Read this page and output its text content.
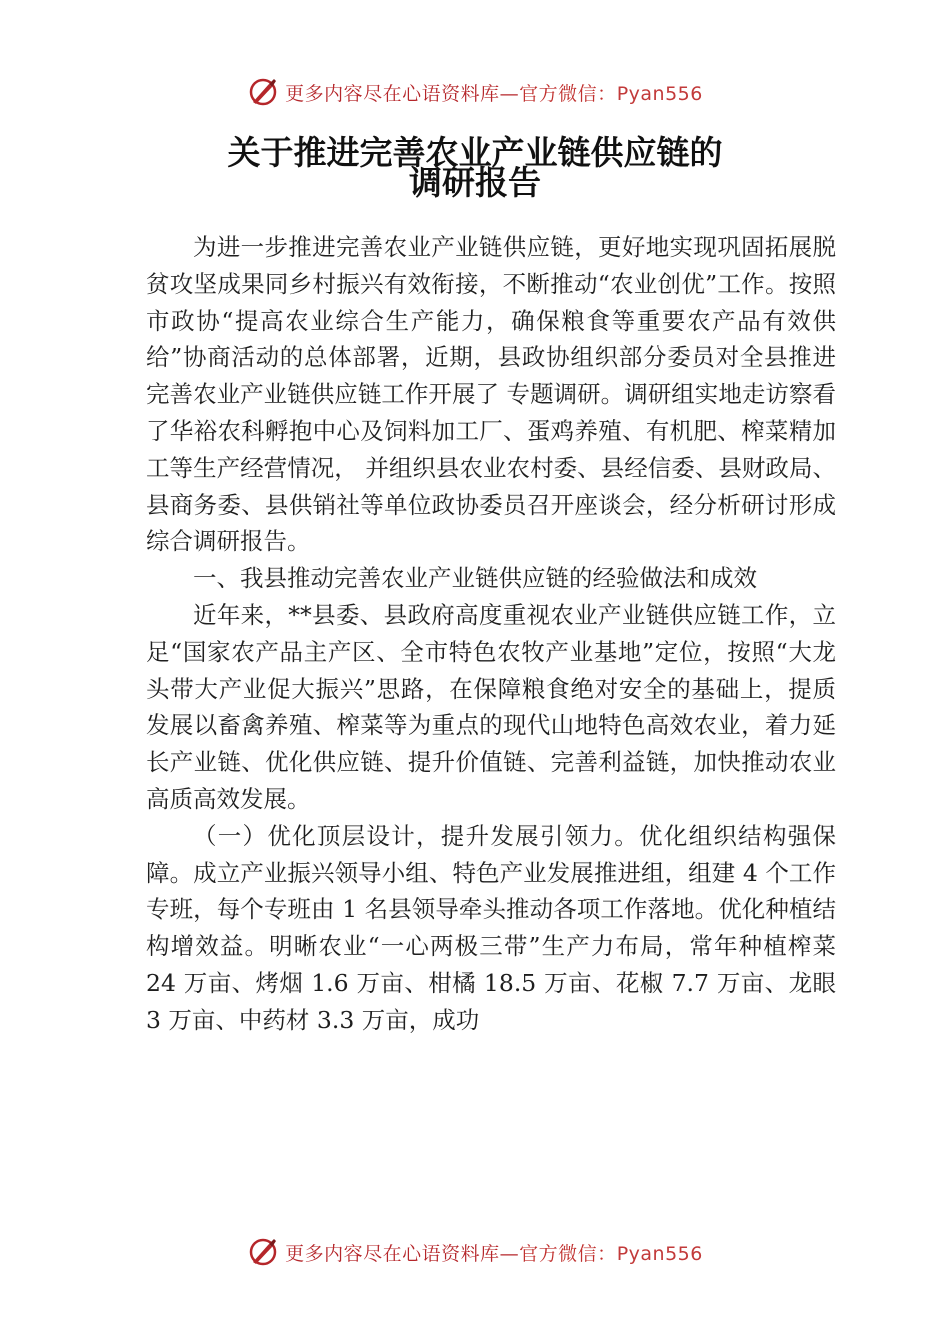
更多内容尽在心语资料库—官方微信：Pyan556
关于推进完善农业产业链供应链的
调研报告

为进一步推进完善农业产业链供应链，更好地实现巩固拓展脱贫攻坚成果同乡村振兴有效衔接，不断推动“农业创优”工作。按照市政协“提高农业综合生产能力，确保粮食等重要农产品有效供给”协商活动的总体部署，近期，县政协组织部分委员对全县推进完善农业产业链供应链工作开展了 专题调研。调研组实地走访察看了华裕农科孵抱中心及饲料加工厂、蛋鸡养殖、有机肥、榨菜精加工等生产经营情况， 并组织县农业农村委、县经信委、县财政局、县商务委、县供销社等单位政协委员召开座谈会，经分析研讨形成综合调研报告。

一、我县推动完善农业产业链供应链的经验做法和成效

近年来，**县委、县政府高度重视农业产业链供应链工作，立足“国家农产品主产区、全市特色农牧产业基地”定位，按照“大龙头带大产业促大振兴”思路，在保障粮食绝对安全的基础上，提质发展以畜禽养殖、榨菜等为重点的现代山地特色高效农业，着力延长产业链、优化供应链、提升价值链、完善利益链，加快推动农业高质高效发展。

（一）优化顶层设计，提升发展引领力。优化组织结构强保障。成立产业振兴领导小组、特色产业发展推进组，组建 4 个工作专班，每个专班由 1 名县领导牵头推动各项工作落地。优化种植结构增效益。明晰农业“一心两极三带”生产力布局，常年种植榨菜 24 万亩、烤烟 1.6 万亩、柑橘 18.5 万亩、花椒 7.7 万亩、龙眼 3 万亩、中药材 3.3 万亩，成功

更多内容尽在心语资料库—官方微信：Pyan556
